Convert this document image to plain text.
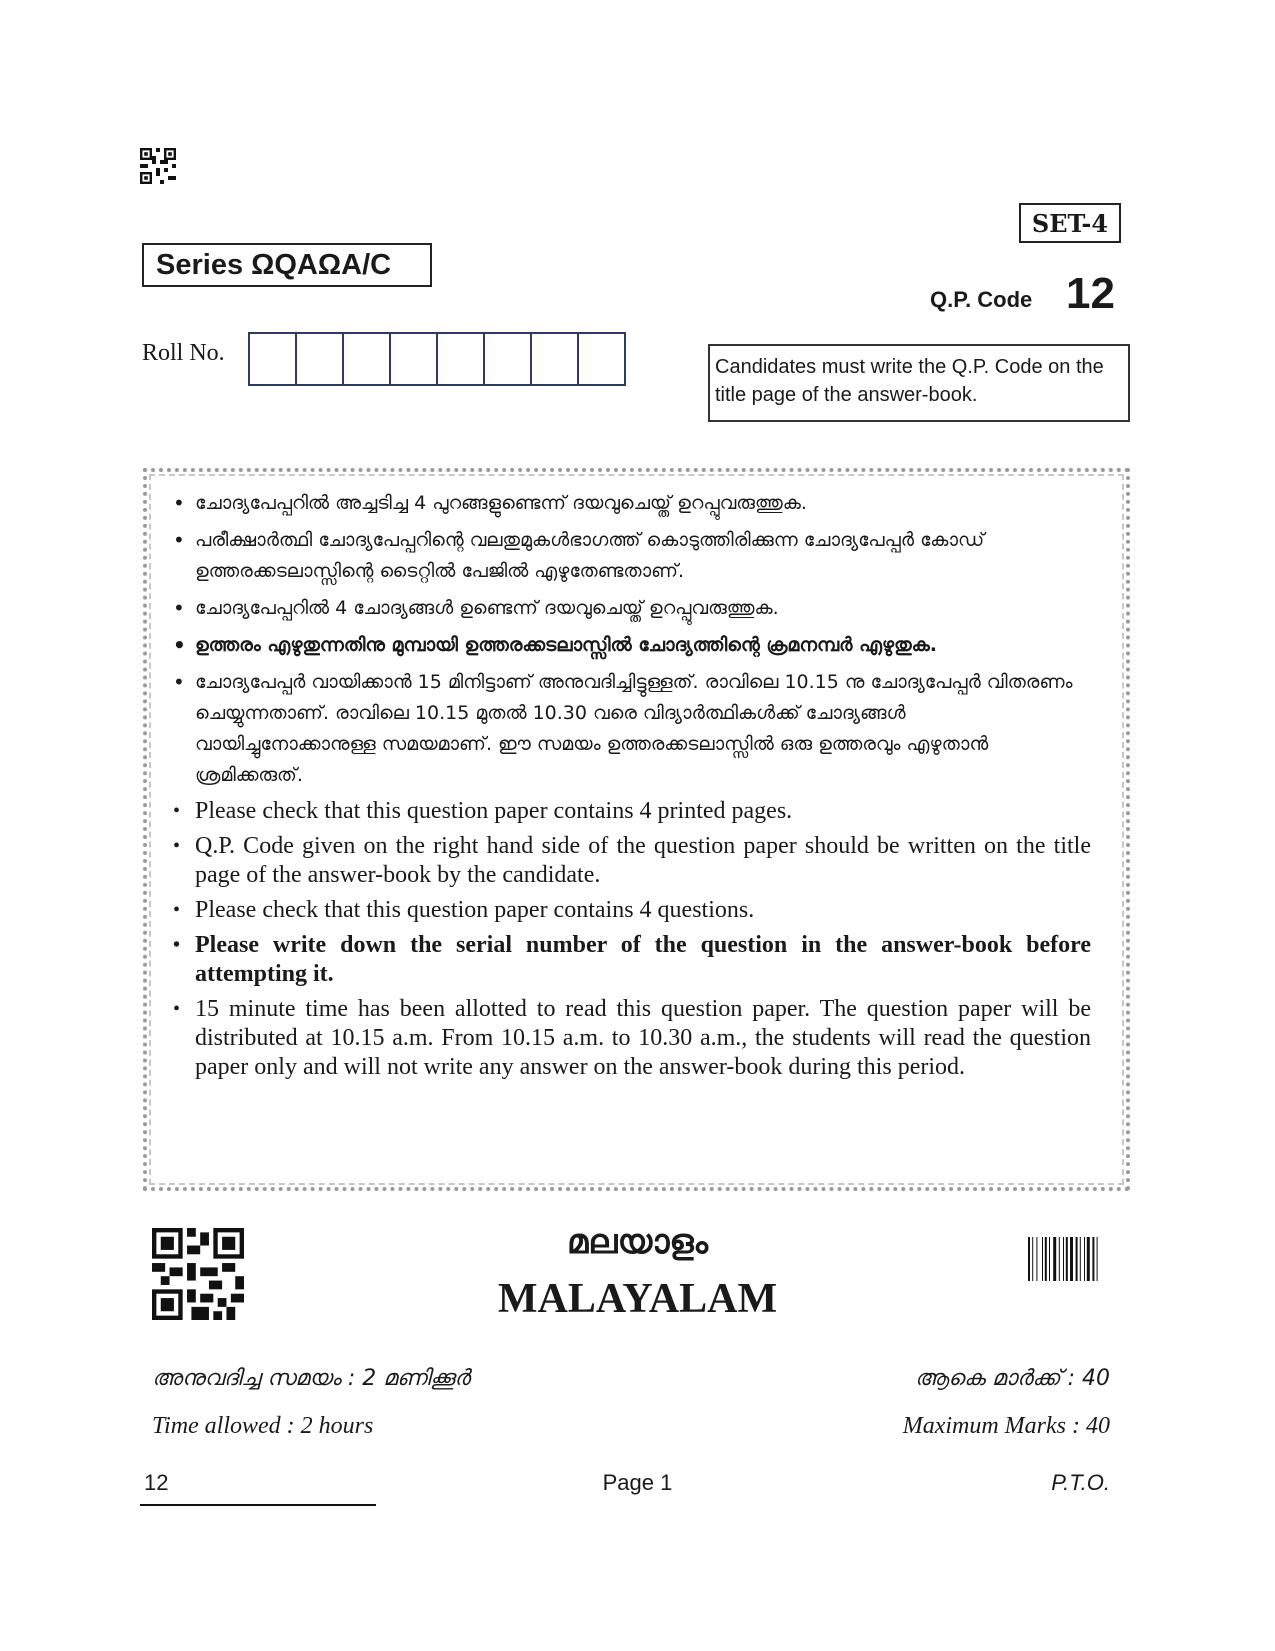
SET-4
Series ΩQAΩA/C
Q.P. Code 12
Roll No.
Candidates must write the Q.P. Code on the title page of the answer-book.
• ചോദ്യപേപ്പറിൽ അച്ചടിച്ച 4 പുറങ്ങളുണ്ടെന്ന് ദയവുചെയ്ത് ഉറപ്പുവരുത്തുക.
• പരീക്ഷാർത്ഥി ചോദ്യപേപ്പറിന്റെ വലതുമുകൾഭാഗത്ത് കൊടുത്തിരിക്കുന്ന ചോദ്യപേപ്പർ കോഡ് ഉത്തരക്കടലാസ്സിന്റെ ടൈറ്റിൽ പേജിൽ എഴുതേണ്ടതാണ്.
• ചോദ്യപേപ്പറിൽ 4 ചോദ്യങ്ങൾ ഉണ്ടെന്ന് ദയവുചെയ്ത് ഉറപ്പുവരുത്തുക.
• ഉത്തരം എഴുതുന്നതിനു മുമ്പായി ഉത്തരക്കടലാസ്സിൽ ചോദ്യത്തിന്റെ ക്രമനമ്പർ എഴുതുക.
• ചോദ്യപേപ്പർ വായിക്കാൻ 15 മിനിട്ടാണ് അനുവദിച്ചിട്ടുള്ളത്. രാവിലെ 10.15 നു ചോദ്യപേപ്പർ വിതരണം ചെയ്യുന്നതാണ്. രാവിലെ 10.15 മുതൽ 10.30 വരെ വിദ്യാർത്ഥികൾക്ക് ചോദ്യങ്ങൾ വായിച്ചുനോക്കാനുള്ള സമയമാണ്. ഈ സമയം ഉത്തരക്കടലാസ്സിൽ ഒരു ഉത്തരവും എഴുതാൻ ശ്രമിക്കരുത്.
• Please check that this question paper contains 4 printed pages.
• Q.P. Code given on the right hand side of the question paper should be written on the title page of the answer-book by the candidate.
• Please check that this question paper contains 4 questions.
• Please write down the serial number of the question in the answer-book before attempting it.
• 15 minute time has been allotted to read this question paper. The question paper will be distributed at 10.15 a.m. From 10.15 a.m. to 10.30 a.m., the students will read the question paper only and will not write any answer on the answer-book during this period.
മലയാളം
MALAYALAM
അനുവദിച്ച സമയം : 2 മണിക്കൂർ
Time allowed : 2 hours
ആകെ മാർക്ക് : 40
Maximum Marks : 40
12	Page 1	P.T.O.
